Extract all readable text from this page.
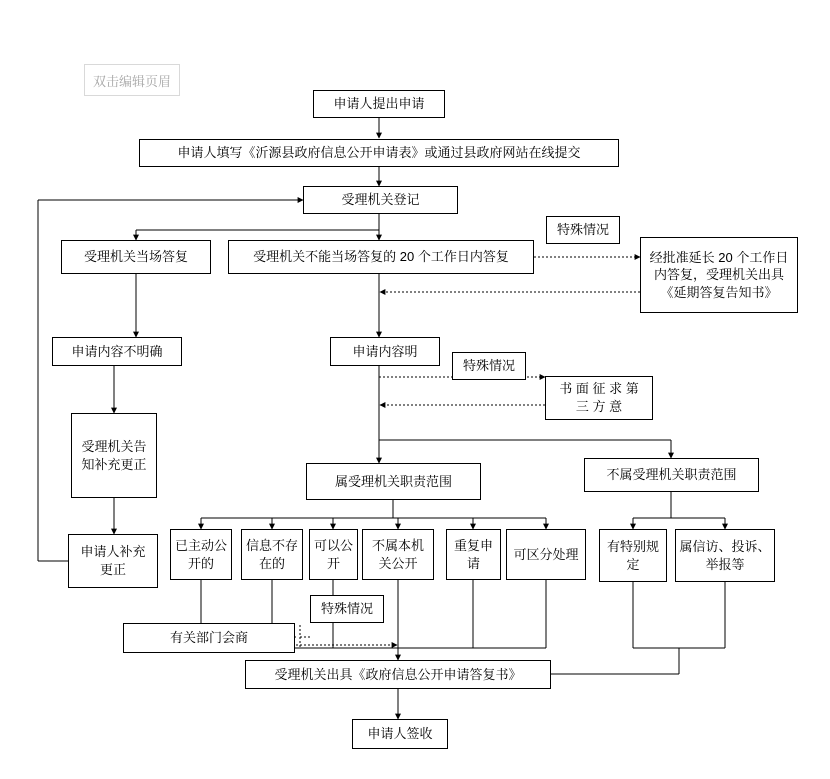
双击编辑页眉
申请人提出申请
申请人填写《沂源县政府信息公开申请表》或通过县政府网站在线提交
受理机关登记
受理机关当场答复	受理机关不能当场答复的 20 个工作日内答复
特殊情况
经批准延长 20 个工作日内答复，受理机关出具《延期答复告知书》
申请内容不明确	申请内容明
特殊情况
书 面 征 求 第 三 方 意
受理机关告知补充更正
申请人补充更正
属受理机关职责范围	不属受理机关职责范围
已主动公开的
信息不存在的
可以公开
不属本机关公开
重复申请
可区分处理
有特别规定
属信访、投诉、举报等
特殊情况
有关部门会商
受理机关出具《政府信息公开申请答复书》
申请人签收
